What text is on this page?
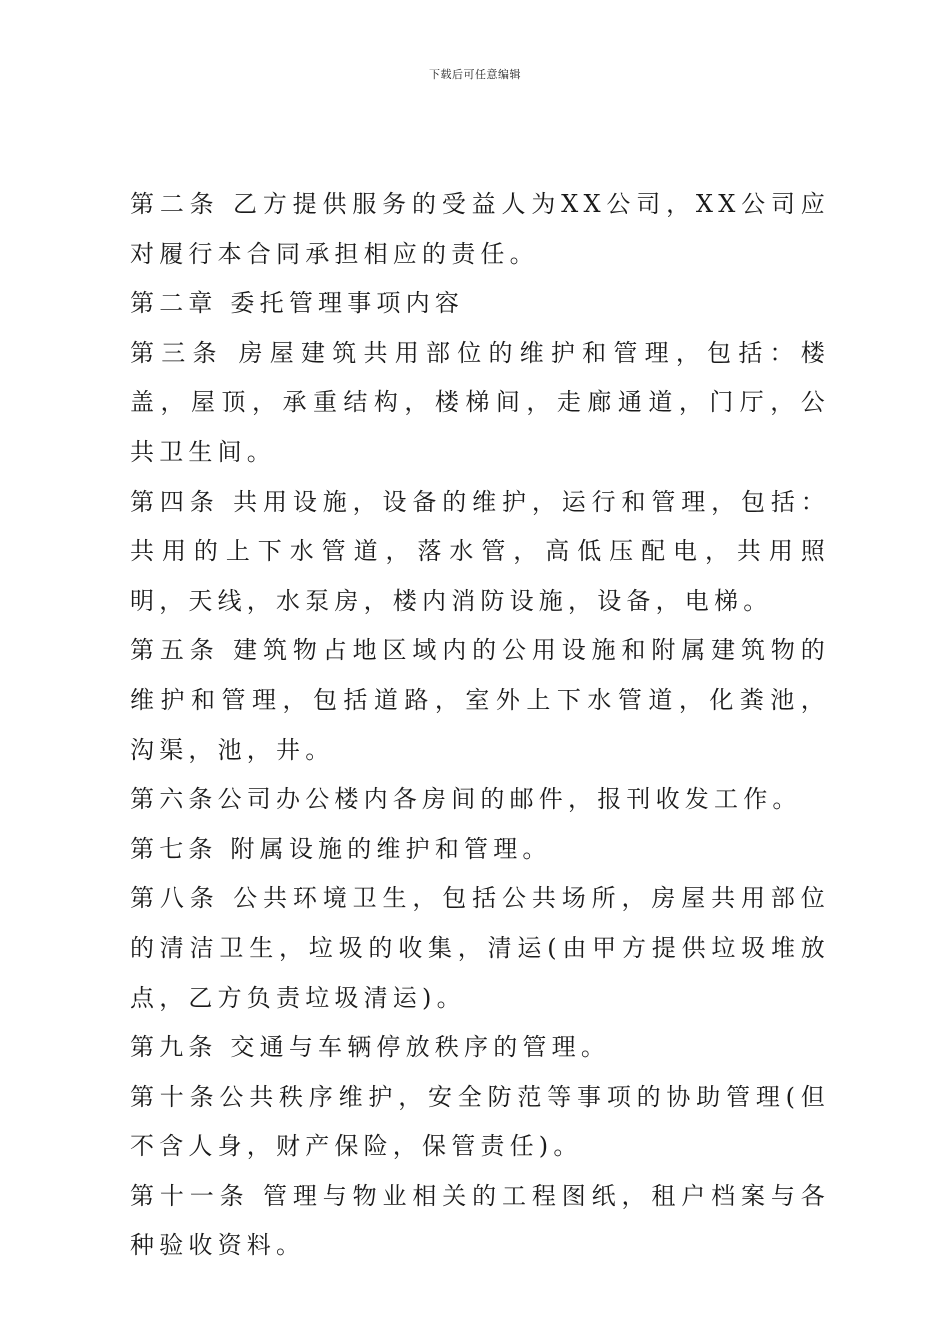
下载后可任意编辑

第二条 乙方提供服务的受益人为XX公司，XX公司应对履行本合同承担相应的责任。

第二章 委托管理事项内容

第三条 房屋建筑共用部位的维护和管理，包括：楼盖，屋顶，承重结构，楼梯间，走廊通道，门厅，公共卫生间。

第四条 共用设施，设备的维护，运行和管理，包括：共用的上下水管道，落水管，高低压配电，共用照明，天线，水泵房，楼内消防设施，设备，电梯。

第五条 建筑物占地区域内的公用设施和附属建筑物的维护和管理，包括道路，室外上下水管道，化粪池，沟渠，池，井。

第六条公司办公楼内各房间的邮件，报刊收发工作。

第七条 附属设施的维护和管理。

第八条 公共环境卫生，包括公共场所，房屋共用部位的清洁卫生，垃圾的收集，清运(由甲方提供垃圾堆放点，乙方负责垃圾清运)。

第九条 交通与车辆停放秩序的管理。

第十条公共秩序维护，安全防范等事项的协助管理(但不含人身，财产保险，保管责任)。

第十一条 管理与物业相关的工程图纸，租户档案与各种验收资料。
